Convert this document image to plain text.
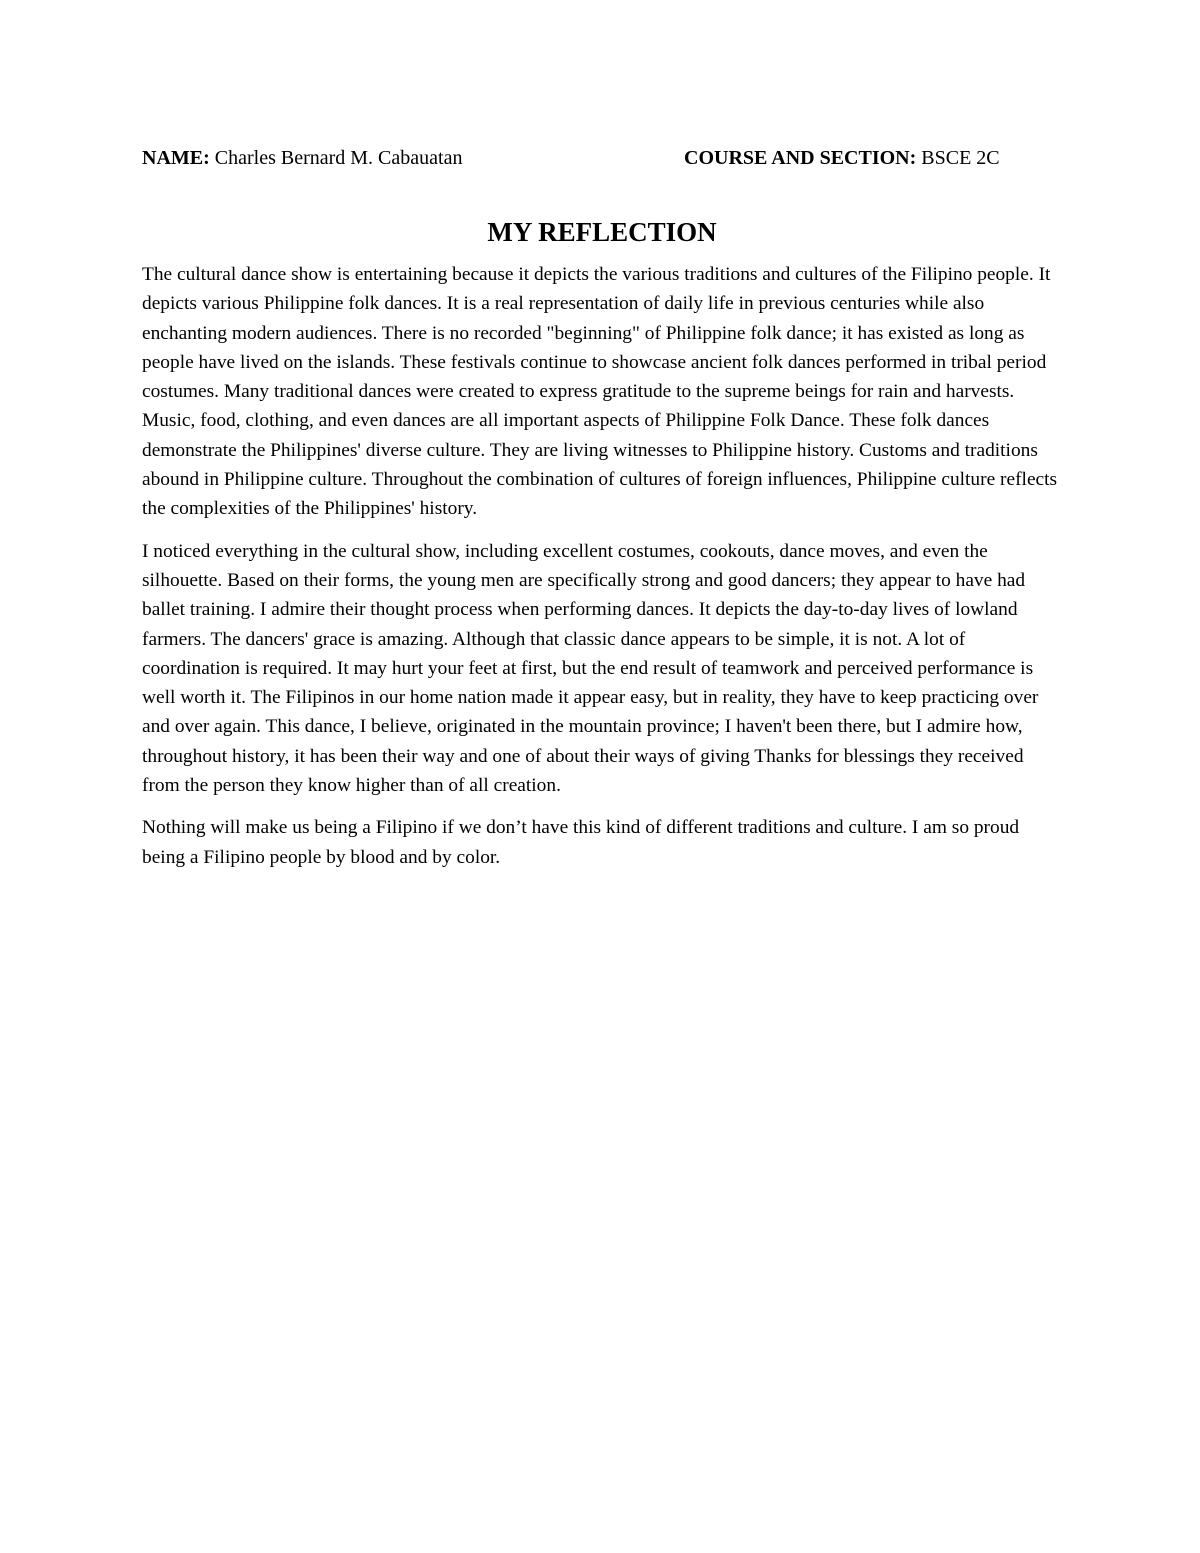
NAME: Charles Bernard M. Cabauatan	COURSE AND SECTION: BSCE 2C
MY REFLECTION

The cultural dance show is entertaining because it depicts the various traditions and cultures of the Filipino people. It depicts various Philippine folk dances. It is a real representation of daily life in previous centuries while also enchanting modern audiences. There is no recorded "beginning" of Philippine folk dance; it has existed as long as people have lived on the islands. These festivals continue to showcase ancient folk dances performed in tribal period costumes. Many traditional dances were created to express gratitude to the supreme beings for rain and harvests. Music, food, clothing, and even dances are all important aspects of Philippine Folk Dance. These folk dances demonstrate the Philippines' diverse culture. They are living witnesses to Philippine history. Customs and traditions abound in Philippine culture. Throughout the combination of cultures of foreign influences, Philippine culture reflects the complexities of the Philippines' history.

I noticed everything in the cultural show, including excellent costumes, cookouts, dance moves, and even the silhouette. Based on their forms, the young men are specifically strong and good dancers; they appear to have had ballet training. I admire their thought process when performing dances. It depicts the day-to-day lives of lowland farmers. The dancers' grace is amazing. Although that classic dance appears to be simple, it is not. A lot of coordination is required. It may hurt your feet at first, but the end result of teamwork and perceived performance is well worth it. The Filipinos in our home nation made it appear easy, but in reality, they have to keep practicing over and over again. This dance, I believe, originated in the mountain province; I haven't been there, but I admire how, throughout history, it has been their way and one of about their ways of giving Thanks for blessings they received from the person they know higher than of all creation.

Nothing will make us being a Filipino if we don’t have this kind of different traditions and culture. I am so proud being a Filipino people by blood and by color.
